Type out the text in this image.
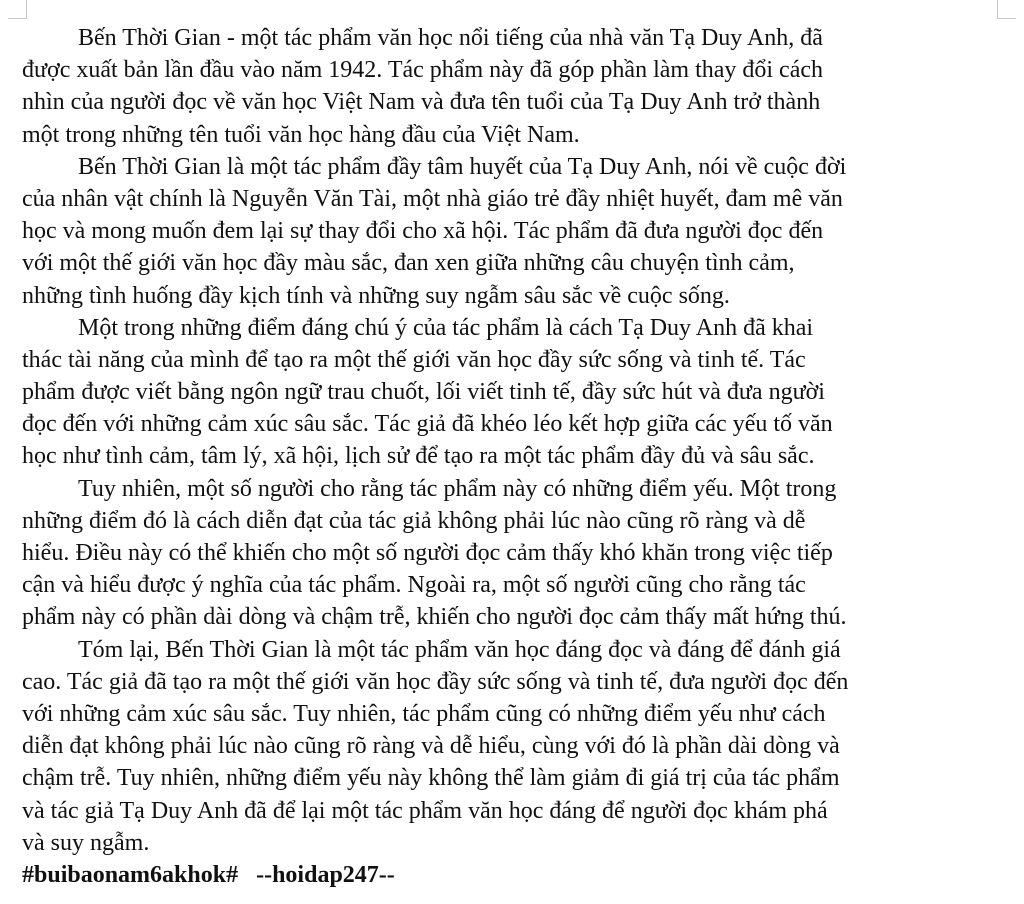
Bến Thời Gian - một tác phẩm văn học nổi tiếng của nhà văn Tạ Duy Anh, đã
được xuất bản lần đầu vào năm 1942. Tác phẩm này đã góp phần làm thay đổi cách
nhìn của người đọc về văn học Việt Nam và đưa tên tuổi của Tạ Duy Anh trở thành
một trong những tên tuổi văn học hàng đầu của Việt Nam.
Bến Thời Gian là một tác phẩm đầy tâm huyết của Tạ Duy Anh, nói về cuộc đời
của nhân vật chính là Nguyễn Văn Tài, một nhà giáo trẻ đầy nhiệt huyết, đam mê văn
học và mong muốn đem lại sự thay đổi cho xã hội. Tác phẩm đã đưa người đọc đến
với một thế giới văn học đầy màu sắc, đan xen giữa những câu chuyện tình cảm,
những tình huống đầy kịch tính và những suy ngẫm sâu sắc về cuộc sống.
Một trong những điểm đáng chú ý của tác phẩm là cách Tạ Duy Anh đã khai
thác tài năng của mình để tạo ra một thế giới văn học đầy sức sống và tinh tế. Tác
phẩm được viết bằng ngôn ngữ trau chuốt, lối viết tinh tế, đầy sức hút và đưa người
đọc đến với những cảm xúc sâu sắc. Tác giả đã khéo léo kết hợp giữa các yếu tố văn
học như tình cảm, tâm lý, xã hội, lịch sử để tạo ra một tác phẩm đầy đủ và sâu sắc.
Tuy nhiên, một số người cho rằng tác phẩm này có những điểm yếu. Một trong
những điểm đó là cách diễn đạt của tác giả không phải lúc nào cũng rõ ràng và dễ
hiểu. Điều này có thể khiến cho một số người đọc cảm thấy khó khăn trong việc tiếp
cận và hiểu được ý nghĩa của tác phẩm. Ngoài ra, một số người cũng cho rằng tác
phẩm này có phần dài dòng và chậm trễ, khiến cho người đọc cảm thấy mất hứng thú.
Tóm lại, Bến Thời Gian là một tác phẩm văn học đáng đọc và đáng để đánh giá
cao. Tác giả đã tạo ra một thế giới văn học đầy sức sống và tinh tế, đưa người đọc đến
với những cảm xúc sâu sắc. Tuy nhiên, tác phẩm cũng có những điểm yếu như cách
diễn đạt không phải lúc nào cũng rõ ràng và dễ hiểu, cùng với đó là phần dài dòng và
chậm trễ. Tuy nhiên, những điểm yếu này không thể làm giảm đi giá trị của tác phẩm
và tác giả Tạ Duy Anh đã để lại một tác phẩm văn học đáng để người đọc khám phá
và suy ngẫm.
#buibaonam6akhok#   --hoidap247--
